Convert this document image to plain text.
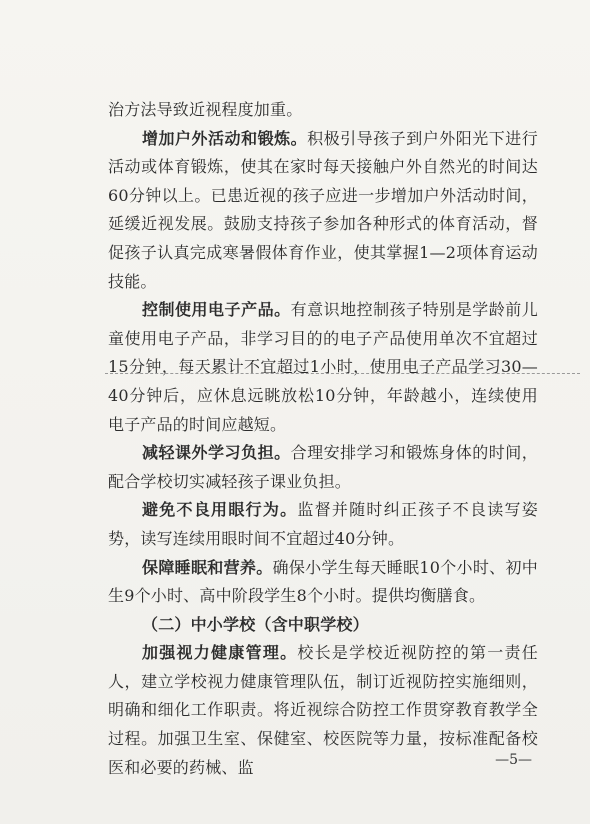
治方法导致近视程度加重。

增加户外活动和锻炼。积极引导孩子到户外阳光下进行活动或体育锻炼，使其在家时每天接触户外自然光的时间达60分钟以上。已患近视的孩子应进一步增加户外活动时间，延缓近视发展。鼓励支持孩子参加各种形式的体育活动，督促孩子认真完成寒暑假体育作业，使其掌握1—2项体育运动技能。

控制使用电子产品。有意识地控制孩子特别是学龄前儿童使用电子产品，非学习目的的电子产品使用单次不宜超过15分钟，每天累计不宜超过1小时，使用电子产品学习30—40分钟后，应休息远眺放松10分钟，年龄越小，连续使用电子产品的时间应越短。

减轻课外学习负担。合理安排学习和锻炼身体的时间，配合学校切实减轻孩子课业负担。

避免不良用眼行为。监督并随时纠正孩子不良读写姿势，读写连续用眼时间不宜超过40分钟。

保障睡眠和营养。确保小学生每天睡眠10个小时、初中生9个小时、高中阶段学生8个小时。提供均衡膳食。

（二）中小学校（含中职学校）

加强视力健康管理。校长是学校近视防控的第一责任人，建立学校视力健康管理队伍，制订近视防控实施细则，明确和细化工作职责。将近视综合防控工作贯穿教育教学全过程。加强卫生室、保健室、校医院等力量，按标准配备校医和必要的药械、监	—5—
